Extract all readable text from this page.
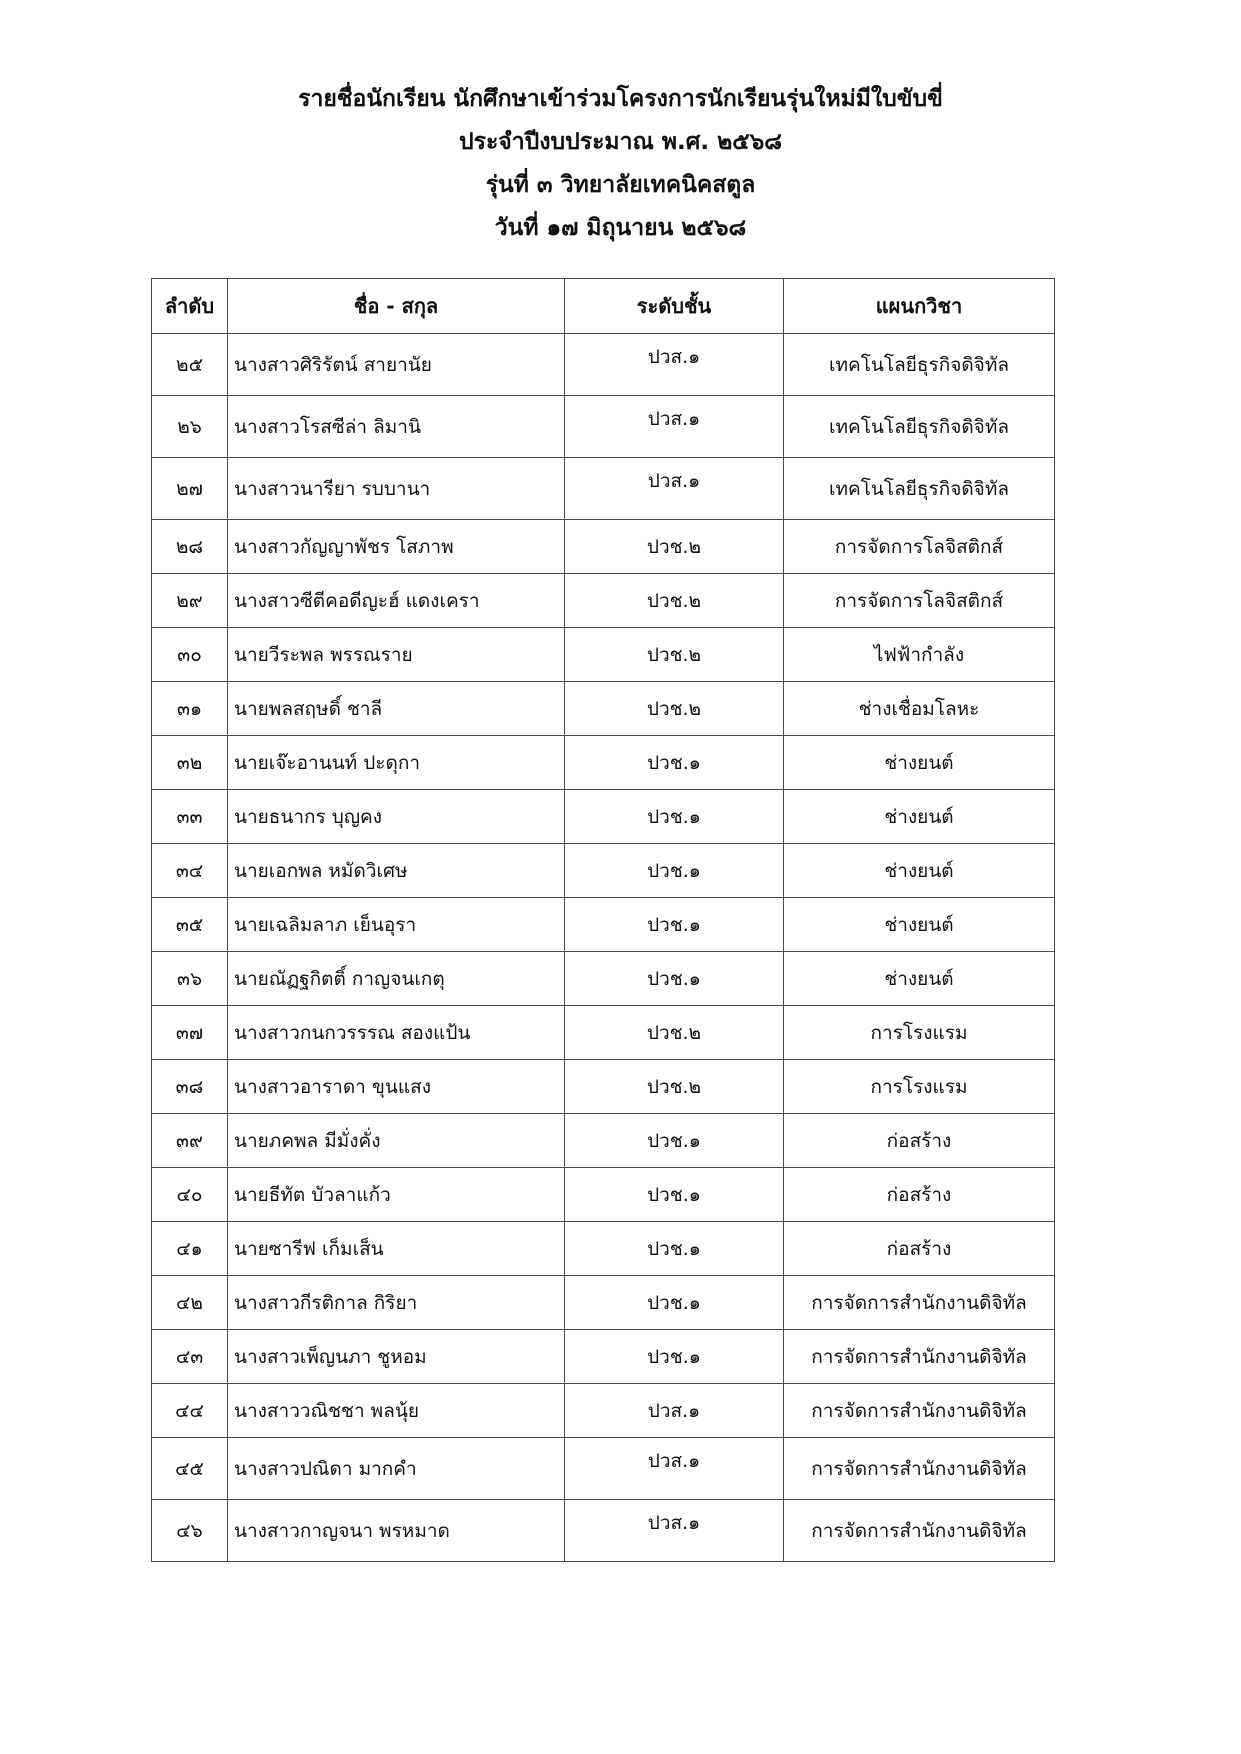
รายชื่อนักเรียน นักศึกษาเข้าร่วมโครงการนักเรียนรุ่นใหม่มีใบขับขี่
ประจำปีงบประมาณ พ.ศ. ๒๕๖๘
รุ่นที่ ๓ วิทยาลัยเทคนิคสตูล
วันที่ ๑๗ มิถุนายน ๒๕๖๘
ลำดับ	ชื่อ - สกุล	ระดับชั้น	แผนกวิชา
๒๕	นางสาวศิริรัตน์ สายานัย	ปวส.๑	เทคโนโลยีธุรกิจดิจิทัล
๒๖	นางสาวโรสซีล่า ลิมานิ	ปวส.๑	เทคโนโลยีธุรกิจดิจิทัล
๒๗	นางสาวนารียา รบบานา	ปวส.๑	เทคโนโลยีธุรกิจดิจิทัล
๒๘	นางสาวกัญญาพัชร โสภาพ	ปวช.๒	การจัดการโลจิสติกส์
๒๙	นางสาวซีตีคอดีญะฮ์ แดงเครา	ปวช.๒	การจัดการโลจิสติกส์
๓๐	นายวีระพล พรรณราย	ปวช.๒	ไฟฟ้ากำลัง
๓๑	นายพลสฤษดิ์ ชาลี	ปวช.๒	ช่างเชื่อมโลหะ
๓๒	นายเจ๊ะอานนท์ ปะดุกา	ปวช.๑	ช่างยนต์
๓๓	นายธนากร บุญคง	ปวช.๑	ช่างยนต์
๓๔	นายเอกพล หมัดวิเศษ	ปวช.๑	ช่างยนต์
๓๕	นายเฉลิมลาภ เย็นอุรา	ปวช.๑	ช่างยนต์
๓๖	นายณัฏฐกิตติ์ กาญจนเกตุ	ปวช.๑	ช่างยนต์
๓๗	นางสาวกนกวรรรณ สองแป้น	ปวช.๒	การโรงแรม
๓๘	นางสาวอาราดา ขุนแสง	ปวช.๒	การโรงแรม
๓๙	นายภคพล มีมั่งคั่ง	ปวช.๑	ก่อสร้าง
๔๐	นายธีทัต บัวลาแก้ว	ปวช.๑	ก่อสร้าง
๔๑	นายซารีฟ เก็มเส็น	ปวช.๑	ก่อสร้าง
๔๒	นางสาวกีรติกาล กิริยา	ปวช.๑	การจัดการสำนักงานดิจิทัล
๔๓	นางสาวเพ็ญนภา ชูหอม	ปวช.๑	การจัดการสำนักงานดิจิทัล
๔๔	นางสาววณิชชา พลนุ้ย	ปวส.๑	การจัดการสำนักงานดิจิทัล
๔๕	นางสาวปณิดา มากคำ	ปวส.๑	การจัดการสำนักงานดิจิทัล
๔๖	นางสาวกาญจนา พรหมาด	ปวส.๑	การจัดการสำนักงานดิจิทัล
